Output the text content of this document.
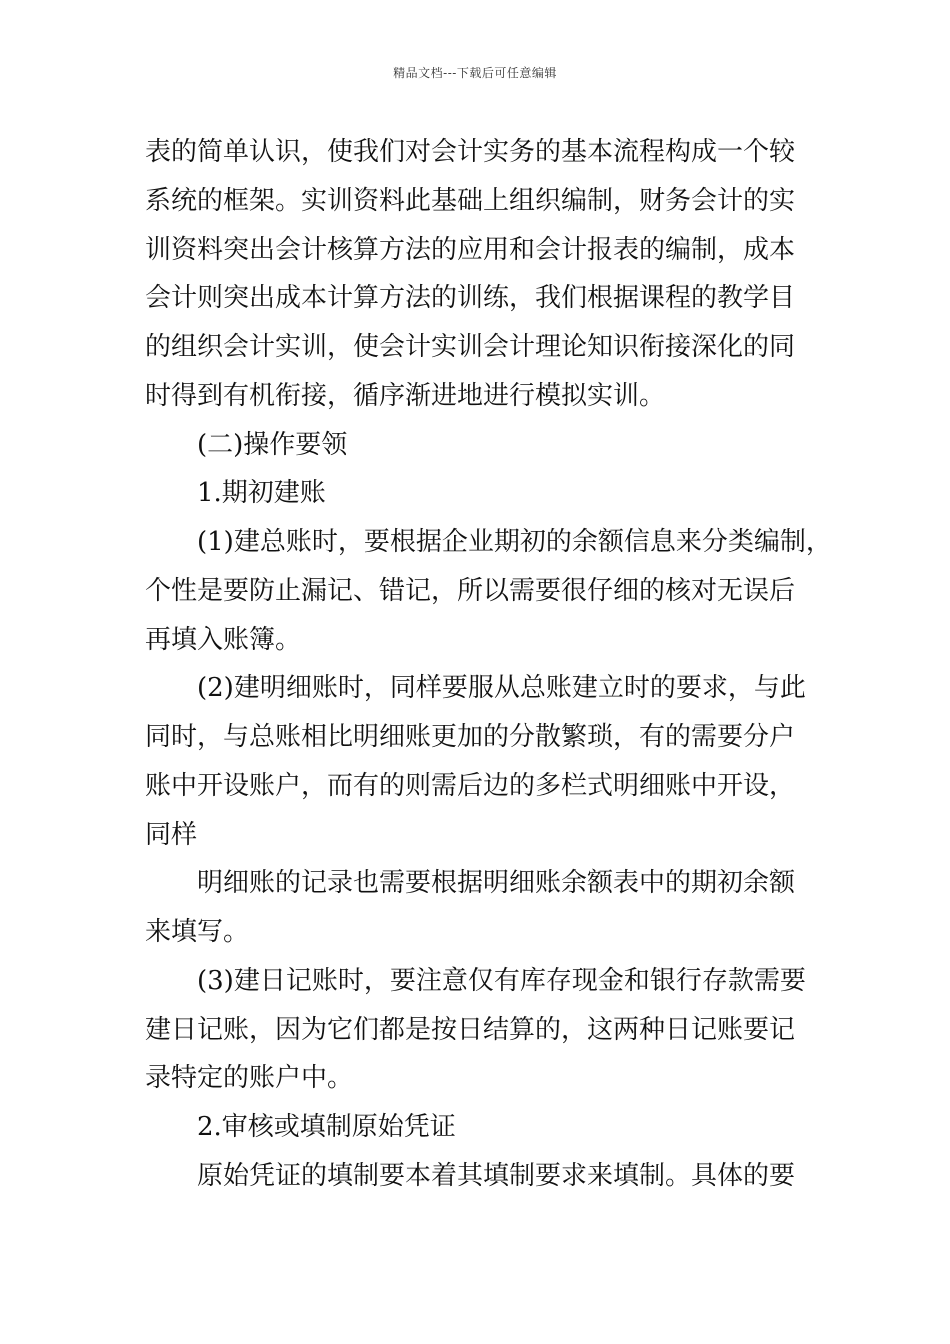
精品文档---下载后可任意编辑
表的简单认识，使我们对会计实务的基本流程构成一个较
系统的框架。实训资料此基础上组织编制，财务会计的实
训资料突出会计核算方法的应用和会计报表的编制，成本
会计则突出成本计算方法的训练，我们根据课程的教学目
的组织会计实训，使会计实训会计理论知识衔接深化的同
时得到有机衔接，循序渐进地进行模拟实训。
(二)操作要领
1.期初建账
(1)建总账时，要根据企业期初的余额信息来分类编制，
个性是要防止漏记、错记，所以需要很仔细的核对无误后
再填入账簿。
(2)建明细账时，同样要服从总账建立时的要求，与此
同时，与总账相比明细账更加的分散繁琐，有的需要分户
账中开设账户，而有的则需后边的多栏式明细账中开设，
同样
明细账的记录也需要根据明细账余额表中的期初余额
来填写。
(3)建日记账时，要注意仅有库存现金和银行存款需要
建日记账，因为它们都是按日结算的，这两种日记账要记
录特定的账户中。
2.审核或填制原始凭证
原始凭证的填制要本着其填制要求来填制。具体的要
